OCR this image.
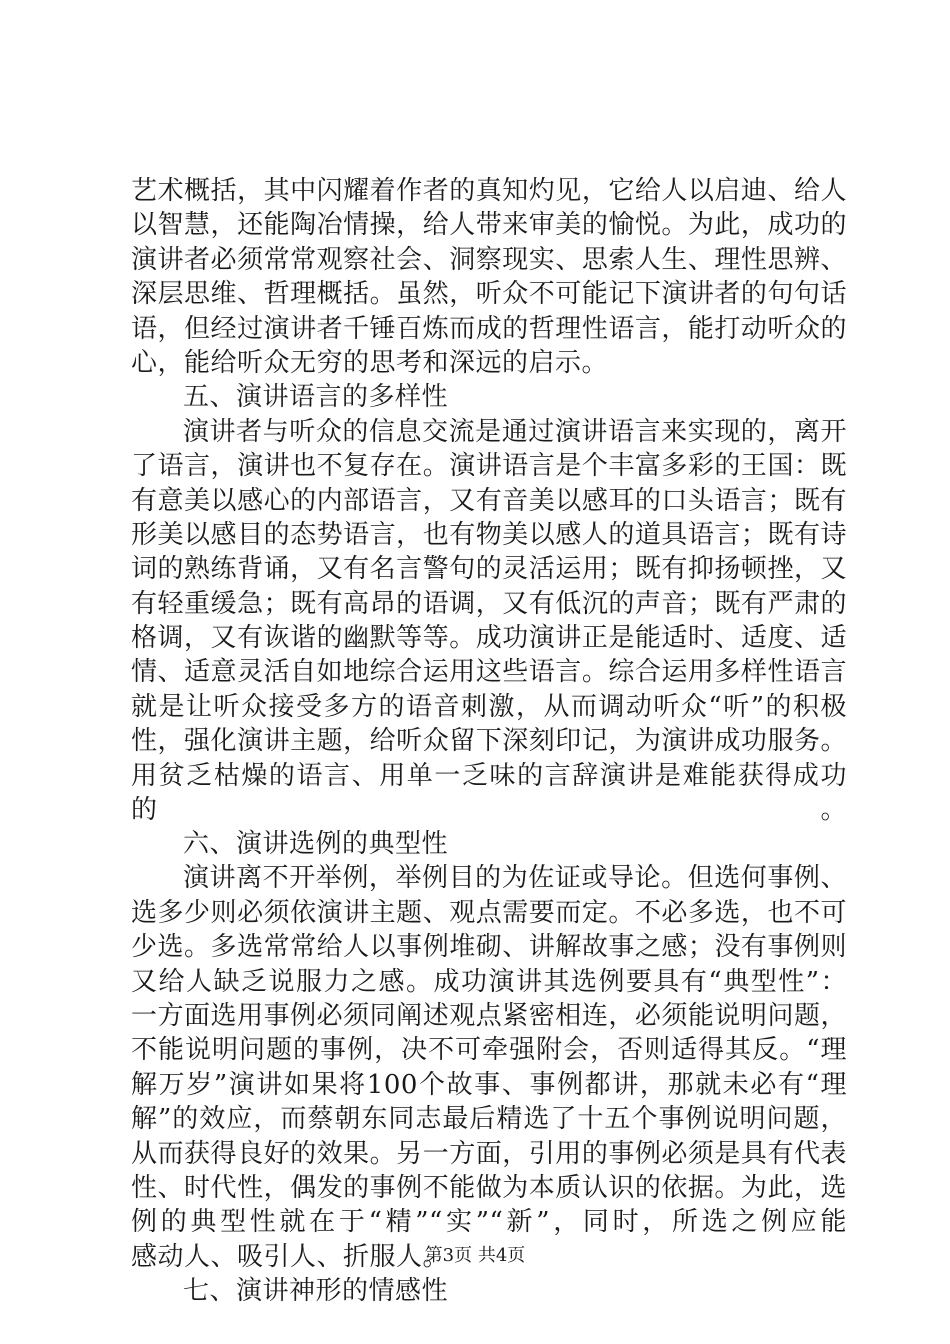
艺术概括，其中闪耀着作者的真知灼见，它给人以启迪、给人
以智慧，还能陶冶情操，给人带来审美的愉悦。为此，成功的
演讲者必须常常观察社会、洞察现实、思索人生、理性思辨、
深层思维、哲理概括。虽然，听众不可能记下演讲者的句句话
语，但经过演讲者千锤百炼而成的哲理性语言，能打动听众的
心，能给听众无穷的思考和深远的启示。
五、演讲语言的多样性
演讲者与听众的信息交流是通过演讲语言来实现的，离开
了语言，演讲也不复存在。演讲语言是个丰富多彩的王国：既
有意美以感心的内部语言，又有音美以感耳的口头语言；既有
形美以感目的态势语言，也有物美以感人的道具语言；既有诗
词的熟练背诵，又有名言警句的灵活运用；既有抑扬顿挫，又
有轻重缓急；既有高昂的语调，又有低沉的声音；既有严肃的
格调，又有诙谐的幽默等等。成功演讲正是能适时、适度、适
情、适意灵活自如地综合运用这些语言。综合运用多样性语言
就是让听众接受多方的语音刺激，从而调动听众“听”的积极
性，强化演讲主题，给听众留下深刻印记，为演讲成功服务。
用贫乏枯燥的语言、用单一乏味的言辞演讲是难能获得成功的。
六、演讲选例的典型性
演讲离不开举例，举例目的为佐证或导论。但选何事例、
选多少则必须依演讲主题、观点需要而定。不必多选，也不可
少选。多选常常给人以事例堆砌、讲解故事之感；没有事例则
又给人缺乏说服力之感。成功演讲其选例要具有“典型性”：
一方面选用事例必须同阐述观点紧密相连，必须能说明问题，
不能说明问题的事例，决不可牵强附会，否则适得其反。“理
解万岁”演讲如果将100个故事、事例都讲，那就未必有“理
解”的效应，而蔡朝东同志最后精选了十五个事例说明问题，
从而获得良好的效果。另一方面，引用的事例必须是具有代表
性、时代性，偶发的事例不能做为本质认识的依据。为此，选
例的典型性就在于“精”“实”“新”，同时，所选之例应能
感动人、吸引人、折服人。
七、演讲神形的情感性
第3页 共4页
